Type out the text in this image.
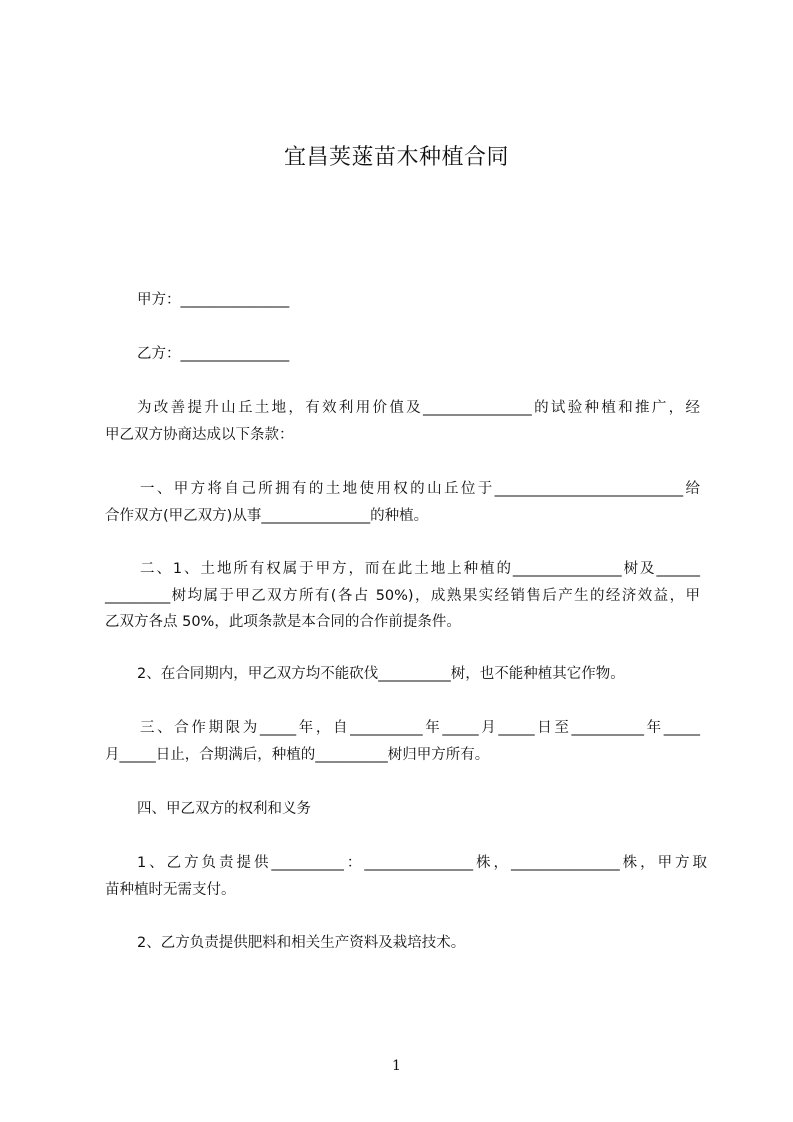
宜昌荚蒾苗木种植合同
甲方：_______________
乙方：_______________
为改善提升山丘土地，有效利用价值及_______________的试验种植和推广，经
甲乙双方协商达成以下条款：
一、甲方将自己所拥有的土地使用权的山丘位于__________________________给
合作双方(甲乙双方)从事_______________的种植。
二、1、土地所有权属于甲方，而在此土地上种植的_______________树及______
_________树均属于甲乙双方所有(各占 50%)，成熟果实经销售后产生的经济效益，甲
乙双方各点 50%，此项条款是本合同的合作前提条件。
2、在合同期内，甲乙双方均不能砍伐__________树，也不能种植其它作物。
三、合作期限为_____年，自__________年_____月_____日至__________年_____
月_____日止，合期满后，种植的__________树归甲方所有。
四、甲乙双方的权利和义务
1、乙方负责提供__________：_______________株，_______________株，甲方取
苗种植时无需支付。
2、乙方负责提供肥料和相关生产资料及栽培技术。
1
